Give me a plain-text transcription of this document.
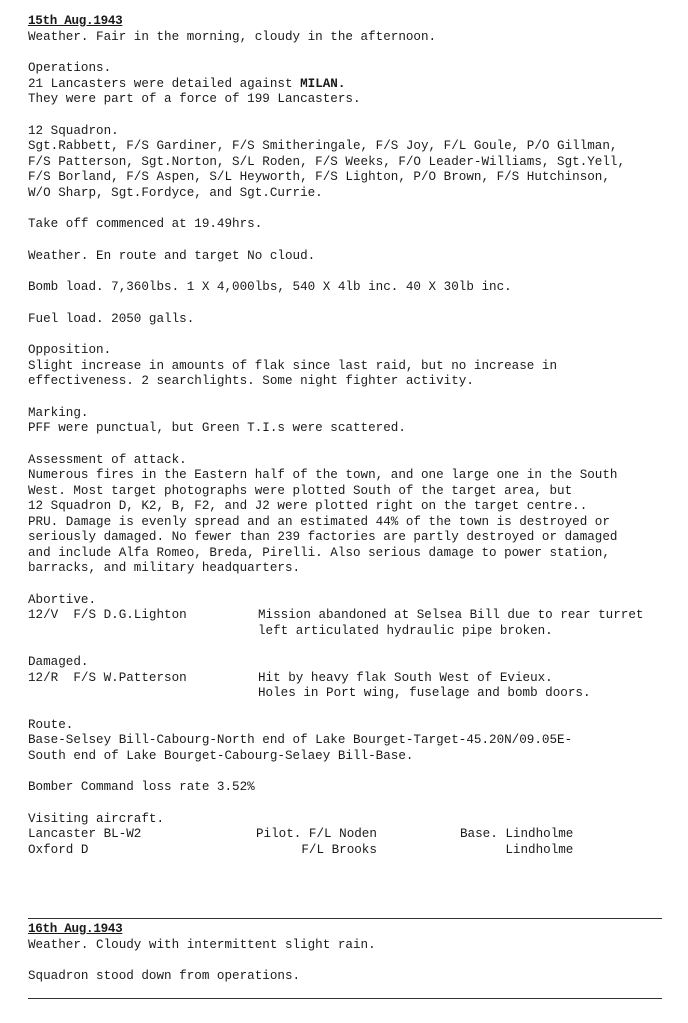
15th Aug.1943
Weather. Fair in the morning, cloudy in the afternoon.
Operations.
21 Lancasters were detailed against MILAN.
They were part of a force of 199 Lancasters.
12 Squadron.
Sgt.Rabbett, F/S Gardiner, F/S Smitheringale, F/S Joy, F/L Goule, P/O Gillman,
F/S Patterson, Sgt.Norton, S/L Roden, F/S Weeks, F/O Leader-Williams, Sgt.Yell,
F/S Borland, F/S Aspen, S/L Heyworth, F/S Lighton, P/O Brown, F/S Hutchinson,
W/O Sharp, Sgt.Fordyce, and Sgt.Currie.
Take off commenced at 19.49hrs.
Weather. En route and target No cloud.
Bomb load. 7,360lbs. 1 X 4,000lbs, 540 X 4lb inc. 40 X 30lb inc.
Fuel load. 2050 galls.
Opposition.
Slight increase in amounts of flak since last raid, but no increase in
effectiveness. 2 searchlights. Some night fighter activity.
Marking.
PFF were punctual, but Green T.I.s were scattered.
Assessment of attack.
Numerous fires in the Eastern half of the town, and one large one in the South
West. Most target photographs were plotted South of the target area, but
12 Squadron D, K2, B, F2, and J2 were plotted right on the target centre..
PRU. Damage is evenly spread and an estimated 44% of the town is destroyed or
seriously damaged. No fewer than 239 factories are partly destroyed or damaged
and include Alfa Romeo, Breda, Pirelli. Also serious damage to power station,
barracks, and military headquarters.
Abortive.
12/V  F/S D.G.Lighton	Mission abandoned at Selsea Bill due to rear turret
left articulated hydraulic pipe broken.
Damaged.
12/R  F/S W.Patterson	Hit by heavy flak South West of Evieux.
Holes in Port wing, fuselage and bomb doors.
Route.
Base-Selsey Bill-Cabourg-North end of Lake Bourget-Target-45.20N/09.05E-
South end of Lake Bourget-Cabourg-Selaey Bill-Base.
Bomber Command loss rate 3.52%
Visiting aircraft.
Lancaster BL-W2	Pilot. F/L Noden	Base. Lindholme
Oxford D	F/L Brooks	Lindholme
16th Aug.1943
Weather. Cloudy with intermittent slight rain.
Squadron stood down from operations.
